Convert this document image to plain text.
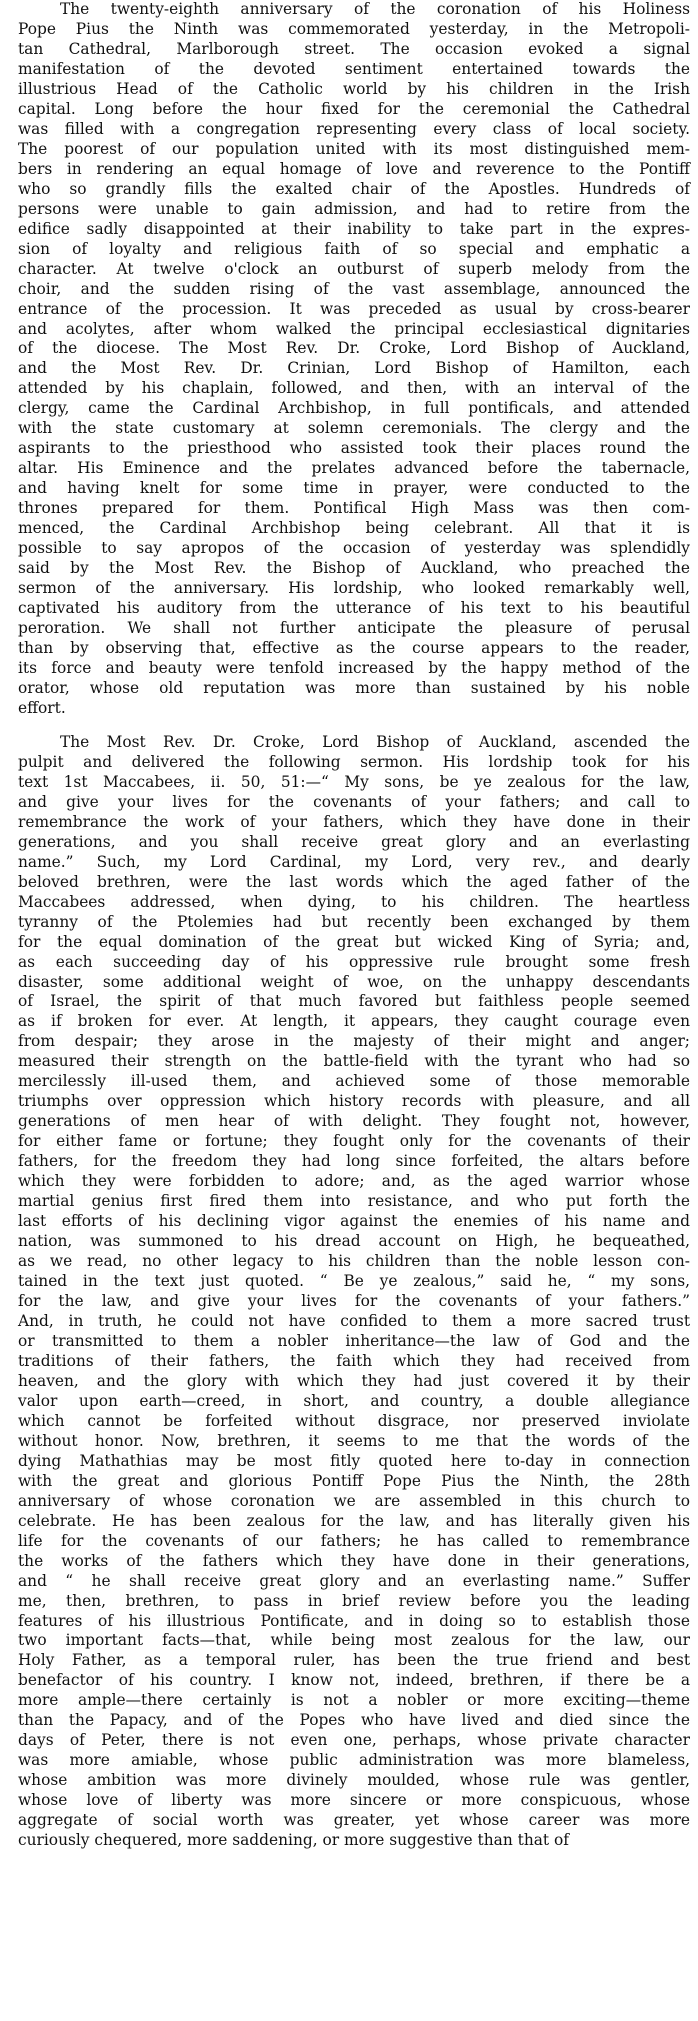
The twenty-eighth anniversary of the coronation of his Holiness
Pope Pius the Ninth was commemorated yesterday, in the Metropoli-
tan Cathedral, Marlborough street. The occasion evoked a signal
manifestation of the devoted sentiment entertained towards the
illustrious Head of the Catholic world by his children in the Irish
capital. Long before the hour fixed for the ceremonial the Cathedral
was filled with a congregation representing every class of local society.
The poorest of our population united with its most distinguished mem-
bers in rendering an equal homage of love and reverence to the Pontiff
who so grandly fills the exalted chair of the Apostles. Hundreds of
persons were unable to gain admission, and had to retire from the
edifice sadly disappointed at their inability to take part in the expres-
sion of loyalty and religious faith of so special and emphatic a
character. At twelve o'clock an outburst of superb melody from the
choir, and the sudden rising of the vast assemblage, announced the
entrance of the procession. It was preceded as usual by cross-bearer
and acolytes, after whom walked the principal ecclesiastical dignitaries
of the diocese. The Most Rev. Dr. Croke, Lord Bishop of Auckland,
and the Most Rev. Dr. Crinian, Lord Bishop of Hamilton, each
attended by his chaplain, followed, and then, with an interval of the
clergy, came the Cardinal Archbishop, in full pontificals, and attended
with the state customary at solemn ceremonials. The clergy and the
aspirants to the priesthood who assisted took their places round the
altar. His Eminence and the prelates advanced before the tabernacle,
and having knelt for some time in prayer, were conducted to the
thrones prepared for them. Pontifical High Mass was then com-
menced, the Cardinal Archbishop being celebrant. All that it is
possible to say apropos of the occasion of yesterday was splendidly
said by the Most Rev. the Bishop of Auckland, who preached the
sermon of the anniversary. His lordship, who looked remarkably well,
captivated his auditory from the utterance of his text to his beautiful
peroration. We shall not further anticipate the pleasure of perusal
than by observing that, effective as the course appears to the reader,
its force and beauty were tenfold increased by the happy method of the
orator, whose old reputation was more than sustained by his noble
effort.
The Most Rev. Dr. Croke, Lord Bishop of Auckland, ascended the
pulpit and delivered the following sermon. His lordship took for his
text 1st Maccabees, ii. 50, 51:—“ My sons, be ye zealous for the law,
and give your lives for the covenants of your fathers; and call to
remembrance the work of your fathers, which they have done in their
generations, and you shall receive great glory and an everlasting
name.” Such, my Lord Cardinal, my Lord, very rev., and dearly
beloved brethren, were the last words which the aged father of the
Maccabees addressed, when dying, to his children. The heartless
tyranny of the Ptolemies had but recently been exchanged by them
for the equal domination of the great but wicked King of Syria; and,
as each succeeding day of his oppressive rule brought some fresh
disaster, some additional weight of woe, on the unhappy descendants
of Israel, the spirit of that much favored but faithless people seemed
as if broken for ever. At length, it appears, they caught courage even
from despair; they arose in the majesty of their might and anger;
measured their strength on the battle-field with the tyrant who had so
mercilessly ill-used them, and achieved some of those memorable
triumphs over oppression which history records with pleasure, and all
generations of men hear of with delight. They fought not, however,
for either fame or fortune; they fought only for the covenants of their
fathers, for the freedom they had long since forfeited, the altars before
which they were forbidden to adore; and, as the aged warrior whose
martial genius first fired them into resistance, and who put forth the
last efforts of his declining vigor against the enemies of his name and
nation, was summoned to his dread account on High, he bequeathed,
as we read, no other legacy to his children than the noble lesson con-
tained in the text just quoted. “ Be ye zealous,” said he, “ my sons,
for the law, and give your lives for the covenants of your fathers.”
And, in truth, he could not have confided to them a more sacred trust
or transmitted to them a nobler inheritance—the law of God and the
traditions of their fathers, the faith which they had received from
heaven, and the glory with which they had just covered it by their
valor upon earth—creed, in short, and country, a double allegiance
which cannot be forfeited without disgrace, nor preserved inviolate
without honor. Now, brethren, it seems to me that the words of the
dying Mathathias may be most fitly quoted here to-day in connection
with the great and glorious Pontiff Pope Pius the Ninth, the 28th
anniversary of whose coronation we are assembled in this church to
celebrate. He has been zealous for the law, and has literally given his
life for the covenants of our fathers; he has called to remembrance
the works of the fathers which they have done in their generations,
and “ he shall receive great glory and an everlasting name.” Suffer
me, then, brethren, to pass in brief review before you the leading
features of his illustrious Pontificate, and in doing so to establish those
two important facts—that, while being most zealous for the law, our
Holy Father, as a temporal ruler, has been the true friend and best
benefactor of his country. I know not, indeed, brethren, if there be a
more ample—there certainly is not a nobler or more exciting—theme
than the Papacy, and of the Popes who have lived and died since the
days of Peter, there is not even one, perhaps, whose private character
was more amiable, whose public administration was more blameless,
whose ambition was more divinely moulded, whose rule was gentler,
whose love of liberty was more sincere or more conspicuous, whose
aggregate of social worth was greater, yet whose career was more
curiously chequered, more saddening, or more suggestive than that of
